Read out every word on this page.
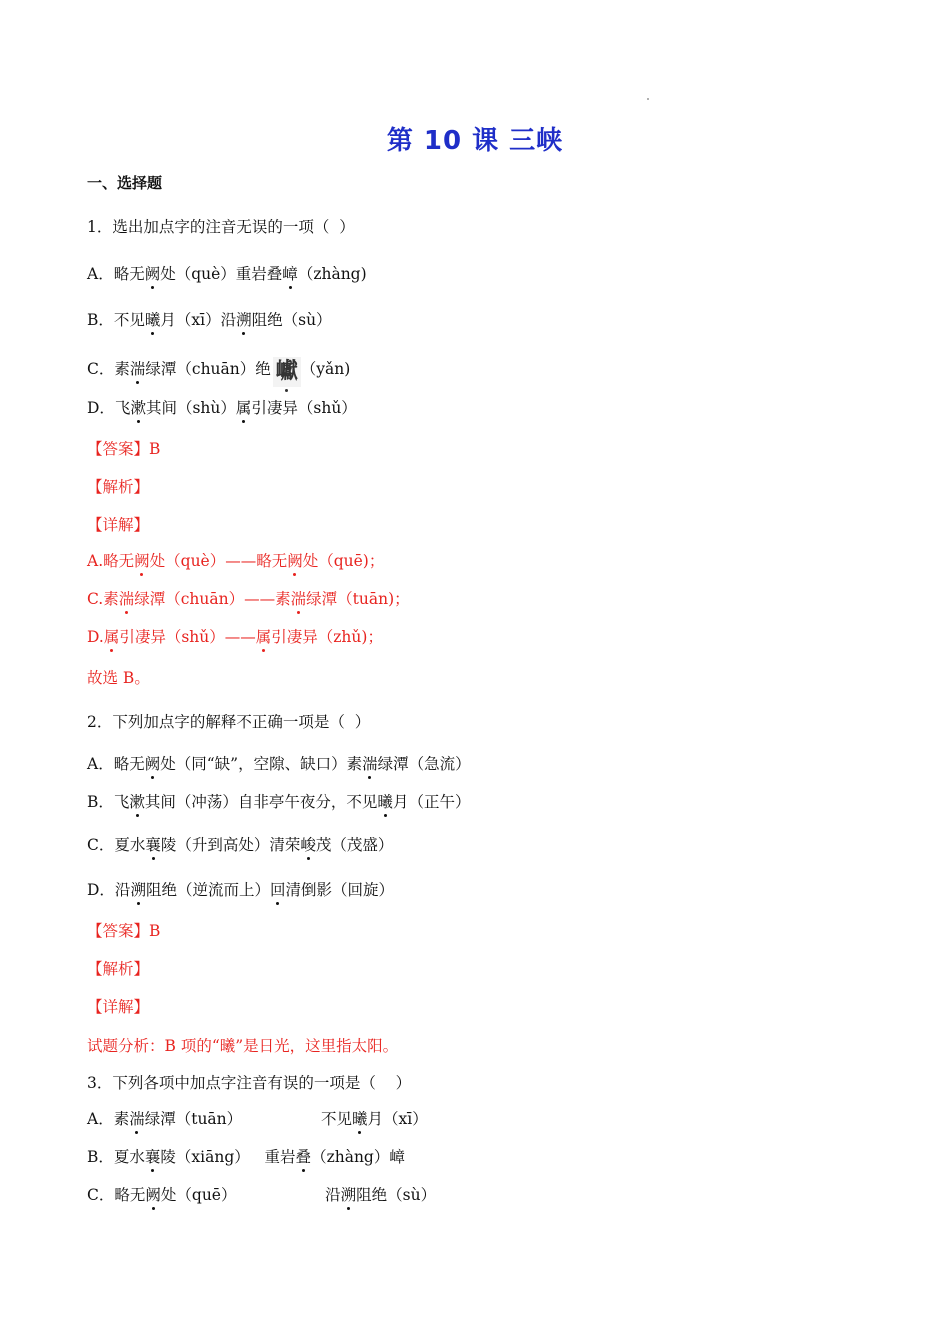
第 10 课 三峡
一、选择题
1．选出加点字的注音无误的一项（  ）
A．略无阙处（què）重岩叠嶂（zhàng)
B．不见曦月（xī）沿溯阻绝（sù）
C．素湍绿潭（chuān）绝 巘 （yǎn)
D．飞漱其间（shù）属引凄异（shǔ）
【答案】B
【解析】
【详解】
A.略无阙处（què）——略无阙处（quē)；
C.素湍绿潭（chuān）——素湍绿潭（tuān)；
D.属引凄异（shǔ）——属引凄异（zhǔ)；
故选 B。
2．下列加点字的解释不正确一项是（  ）
A．略无阙处（同“缺”，空隙、缺口）素湍绿潭（急流）
B．飞漱其间（冲荡）自非亭午夜分，不见曦月（正午）
C．夏水襄陵（升到高处）清荣峻茂（茂盛）
D．沿溯阻绝（逆流而上）回清倒影（回旋）
【答案】B
【解析】
【详解】
试题分析：B 项的“曦”是日光，这里指太阳。
3．下列各项中加点字注音有误的一项是（    ）
A．素湍绿潭（tuān）                不见曦月（xī）
B．夏水襄陵（xiāng）   重岩叠（zhàng）嶂
C．略无阙处（quē）                  沿溯阻绝（sù）
